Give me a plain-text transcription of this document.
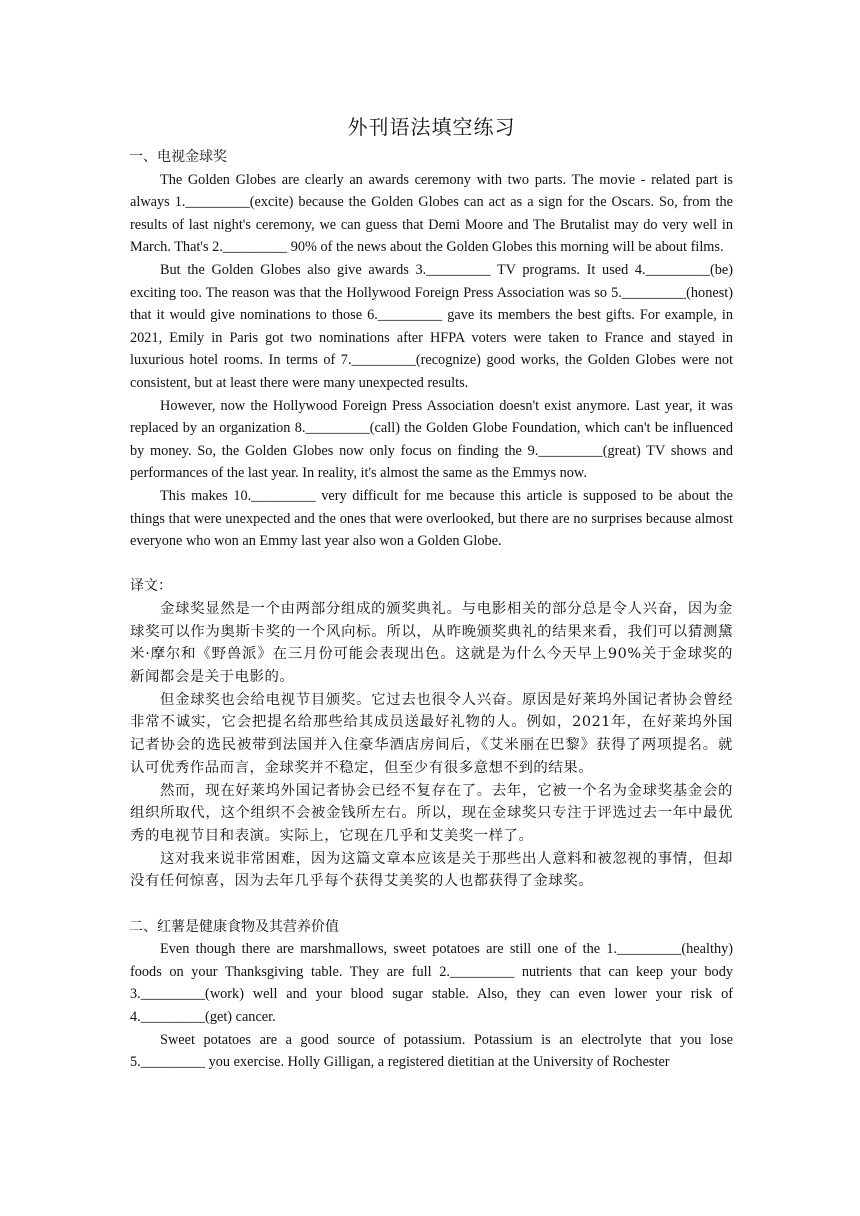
外刊语法填空练习

一、电视金球奖

The Golden Globes are clearly an awards ceremony with two parts. The movie - related part is always 1._________(excite) because the Golden Globes can act as a sign for the Oscars. So, from the results of last night's ceremony, we can guess that Demi Moore and The Brutalist may do very well in March. That's 2._________ 90% of the news about the Golden Globes this morning will be about films.

But the Golden Globes also give awards 3._________ TV programs. It used 4._________(be) exciting too. The reason was that the Hollywood Foreign Press Association was so 5._________(honest) that it would give nominations to those 6._________ gave its members the best gifts. For example, in 2021, Emily in Paris got two nominations after HFPA voters were taken to France and stayed in luxurious hotel rooms. In terms of 7._________(recognize) good works, the Golden Globes were not consistent, but at least there were many unexpected results.

However, now the Hollywood Foreign Press Association doesn't exist anymore. Last year, it was replaced by an organization 8._________(call) the Golden Globe Foundation, which can't be influenced by money. So, the Golden Globes now only focus on finding the 9._________(great) TV shows and performances of the last year. In reality, it's almost the same as the Emmys now.

This makes 10._________ very difficult for me because this article is supposed to be about the things that were unexpected and the ones that were overlooked, but there are no surprises because almost everyone who won an Emmy last year also won a Golden Globe.

译文：

金球奖显然是一个由两部分组成的颁奖典礼。与电影相关的部分总是令人兴奋，因为金球奖可以作为奥斯卡奖的一个风向标。所以，从昨晚颁奖典礼的结果来看，我们可以猜测黛米·摩尔和《野兽派》在三月份可能会表现出色。这就是为什么今天早上90%关于金球奖的新闻都会是关于电影的。

但金球奖也会给电视节目颁奖。它过去也很令人兴奋。原因是好莱坞外国记者协会曾经非常不诚实，它会把提名给那些给其成员送最好礼物的人。例如，2021年，在好莱坞外国记者协会的选民被带到法国并入住豪华酒店房间后，《艾米丽在巴黎》获得了两项提名。就认可优秀作品而言，金球奖并不稳定，但至少有很多意想不到的结果。

然而，现在好莱坞外国记者协会已经不复存在了。去年，它被一个名为金球奖基金会的组织所取代，这个组织不会被金钱所左右。所以，现在金球奖只专注于评选过去一年中最优秀的电视节目和表演。实际上，它现在几乎和艾美奖一样了。

这对我来说非常困难，因为这篇文章本应该是关于那些出人意料和被忽视的事情，但却没有任何惊喜，因为去年几乎每个获得艾美奖的人也都获得了金球奖。

二、红薯是健康食物及其营养价值

Even though there are marshmallows, sweet potatoes are still one of the 1._________(healthy) foods on your Thanksgiving table. They are full 2._________ nutrients that can keep your body 3._________(work) well and your blood sugar stable. Also, they can even lower your risk of 4._________(get) cancer.

Sweet potatoes are a good source of potassium. Potassium is an electrolyte that you lose 5._________ you exercise. Holly Gilligan, a registered dietitian at the University of Rochester
